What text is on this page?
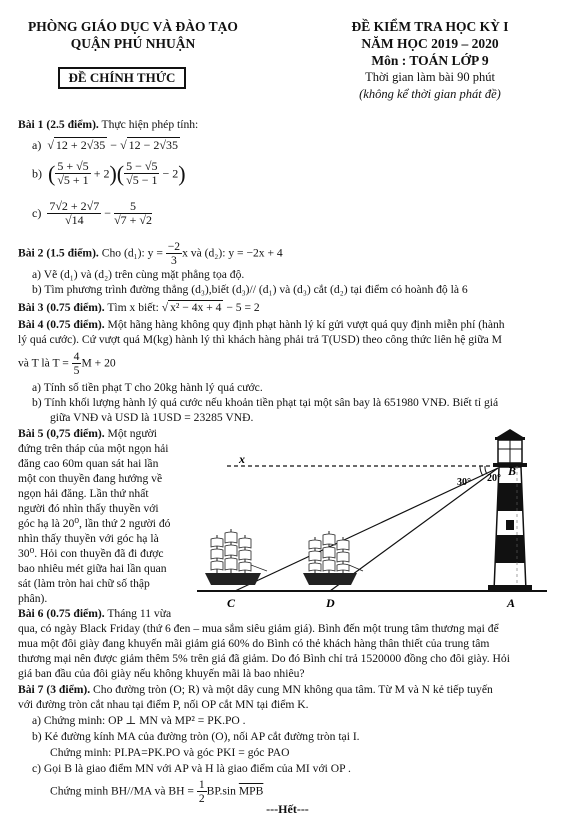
PHÒNG GIÁO DỤC VÀ ĐÀO TẠO
QUẬN PHÚ NHUẬN
ĐỀ CHÍNH THỨC
ĐỀ KIỂM TRA HỌC KỲ I
NĂM HỌC 2019 – 2020
Môn : TOÁN LỚP 9
Thời gian làm bài 90 phút
(không kể thời gian phát đề)
Bài 1 (2.5 điểm). Thực hiện phép tính:
a)  √ 12 + 2√35 − √ 12 − 2√35
b) ( $\frac{5 + √5}{√5 + 1} + 2)( \frac{5 - √5}{√5 - 1} - 2)$
$c) \frac{7√2 + 2√7}{√14} - \frac{5}{√7 + √2}$
Bài 2 (1.5 điểm). Cho (d₁): $y = \frac{-2}{3}$ x và (d₂): y = −2x + 4
a) Vẽ (d₁) và (d₂) trên cùng mặt phẳng tọa độ.
b) Tìm phương trình đường thẳng (d₃),biết (d₃)// (d₁) và (d₃) cắt (d₂) tại điểm có hoành độ là 6
Bài 3 (0.75 điểm). Tìm x biết: √ x² − 4x + 4 − 5 = 2
Bài 4 (0.75 điểm). Một hãng hàng không quy định phạt hành lý kí gửi vượt quá quy định miễn phí (hành
lý quá cước). Cứ vượt quá M(kg) hành lý thì khách hàng phải trả T(USD) theo công thức liên hệ giữa M
và T là $T = \frac{4}{5}$ M + 20
a) Tính số tiền phạt T cho 20kg hành lý quá cước.
b) Tính khối lượng hành lý quá cước nếu khoản tiền phạt tại một sân bay là 651980 VNĐ. Biết tỉ giá
giữa VNĐ và USD là 1USD = 23285 VNĐ.
Bài 5 (0,75 điểm). Một người
đứng trên tháp của một ngọn hải
đăng cao 60m quan sát hai lần
một con thuyền đang hướng về
ngọn hải đăng. Lần thứ nhất
người đó nhìn thấy thuyền với
góc hạ là 20⁰, lần thứ 2 người đó
nhìn thấy thuyền với góc hạ là
30⁰. Hỏi con thuyền đã đi được
bao nhiêu mét giữa hai lần quan
sát (làm tròn hai chữ số thập
phân).
x
30° 20°
B
C	D	A
Bài 6 (0.75 điểm). Tháng 11 vừa
qua, có ngày Black Friday (thứ 6 đen – mua sắm siêu giảm giá). Bình đến một trung tâm thương mại để
mua một đôi giày đang khuyến mãi giảm giá 60% do Bình có thẻ khách hàng thân thiết của trung tâm
thương mại nên được giảm thêm 5% trên giá đã giảm. Do đó Bình chỉ trả 1520000 đồng cho đôi giày. Hỏi
giá ban đầu của đôi giày nếu không khuyến mãi là bao nhiêu?
Bài 7 (3 điểm). Cho đường tròn (O; R) và một dây cung MN không qua tâm. Từ M và N kẻ tiếp tuyến
với đường tròn cắt nhau tại điểm P, nối OP cắt MN tại điểm K.
a) Chứng minh: OP ⊥ MN và MP² = PK.PO .
b) Kẻ đường kính MA của đường tròn (O), nối AP cắt đường tròn tại I.
Chứng minh: PI.PA=PK.PO và góc PKI = góc PAO
c) Gọi B là giao điểm MN với AP và H là giao điểm của MI với OP .
Chứng minh BH//MA và BH = $\frac{1}{2} BP.\sin$ $\overline{MPB}$
---Hết---
